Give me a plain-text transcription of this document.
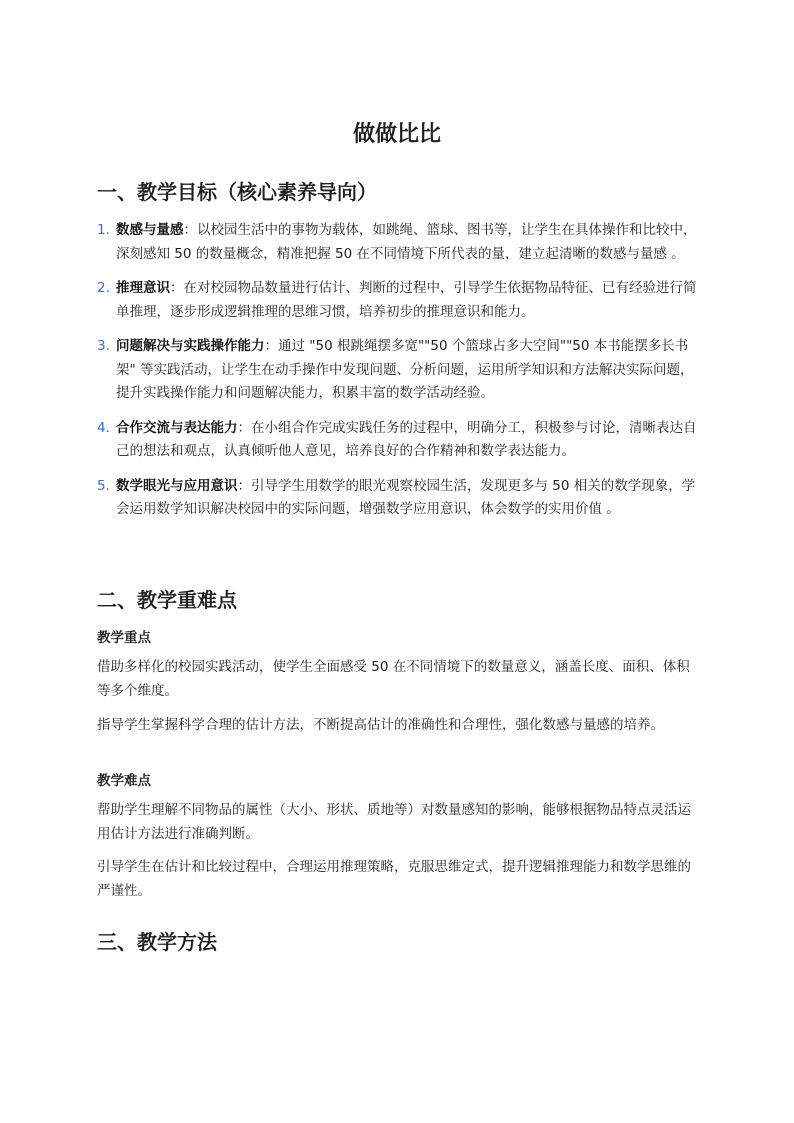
做做比比
一、教学目标（核心素养导向）
1. 数感与量感：以校园生活中的事物为载体，如跳绳、篮球、图书等，让学生在具体操作和比较中，深刻感知 50 的数量概念，精准把握 50 在不同情境下所代表的量，建立起清晰的数感与量感 。
2. 推理意识：在对校园物品数量进行估计、判断的过程中，引导学生依据物品特征、已有经验进行简单推理，逐步形成逻辑推理的思维习惯，培养初步的推理意识和能力。
3. 问题解决与实践操作能力：通过 "50 根跳绳摆多宽""50 个篮球占多大空间""50 本书能摆多长书架" 等实践活动，让学生在动手操作中发现问题、分析问题，运用所学知识和方法解决实际问题，提升实践操作能力和问题解决能力，积累丰富的数学活动经验。
4. 合作交流与表达能力：在小组合作完成实践任务的过程中，明确分工，积极参与讨论，清晰表达自己的想法和观点，认真倾听他人意见，培养良好的合作精神和数学表达能力。
5. 数学眼光与应用意识：引导学生用数学的眼光观察校园生活，发现更多与 50 相关的数学现象，学会运用数学知识解决校园中的实际问题，增强数学应用意识，体会数学的实用价值 。
二、教学重难点

教学重点

借助多样化的校园实践活动，使学生全面感受 50 在不同情境下的数量意义，涵盖长度、面积、体积等多个维度。

指导学生掌握科学合理的估计方法，不断提高估计的准确性和合理性，强化数感与量感的培养。

教学难点

帮助学生理解不同物品的属性（大小、形状、质地等）对数量感知的影响，能够根据物品特点灵活运用估计方法进行准确判断。

引导学生在估计和比较过程中，合理运用推理策略，克服思维定式，提升逻辑推理能力和数学思维的严谨性。

三、教学方法
